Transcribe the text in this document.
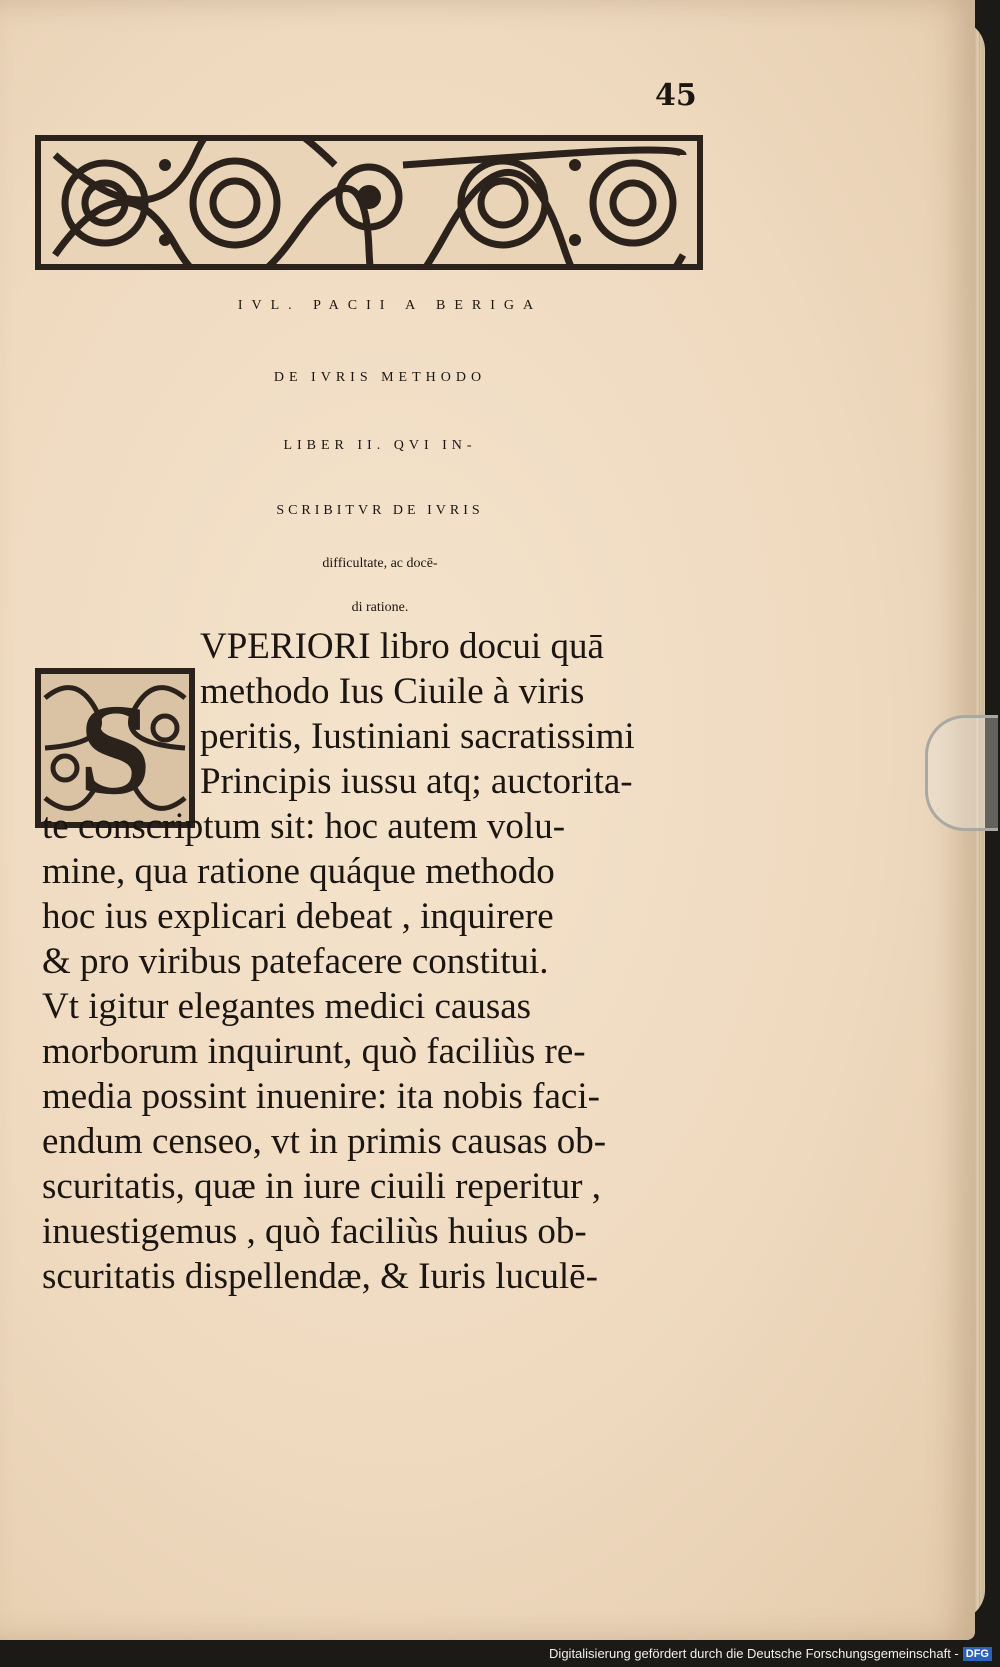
45
IVL. PACII A BERIGA
DE IVRIS METHODO
LIBER II. QVI IN-
SCRIBITVR DE IVRIS
difficultate, ac docē-
di ratione.
S
VPERIORI libro docui quā
methodo Ius Ciuile à viris
peritis, Iustiniani sacratissimi
Principis iussu atq; auctorita-
te conscriptum sit: hoc autem volu-
mine, qua ratione quáque methodo
hoc ius explicari debeat , inquirere
& pro viribus patefacere constitui.
Vt igitur elegantes medici causas
morborum inquirunt, quò faciliùs re-
media possint inuenire: ita nobis faci-
endum censeo, vt in primis causas ob-
scuritatis, quæ in iure ciuili reperitur ,
inuestigemus , quò faciliùs huius ob-
scuritatis dispellendæ, & Iuris luculē-
Digitalisierung gefördert durch die Deutsche Forschungsgemeinschaft - DFG
